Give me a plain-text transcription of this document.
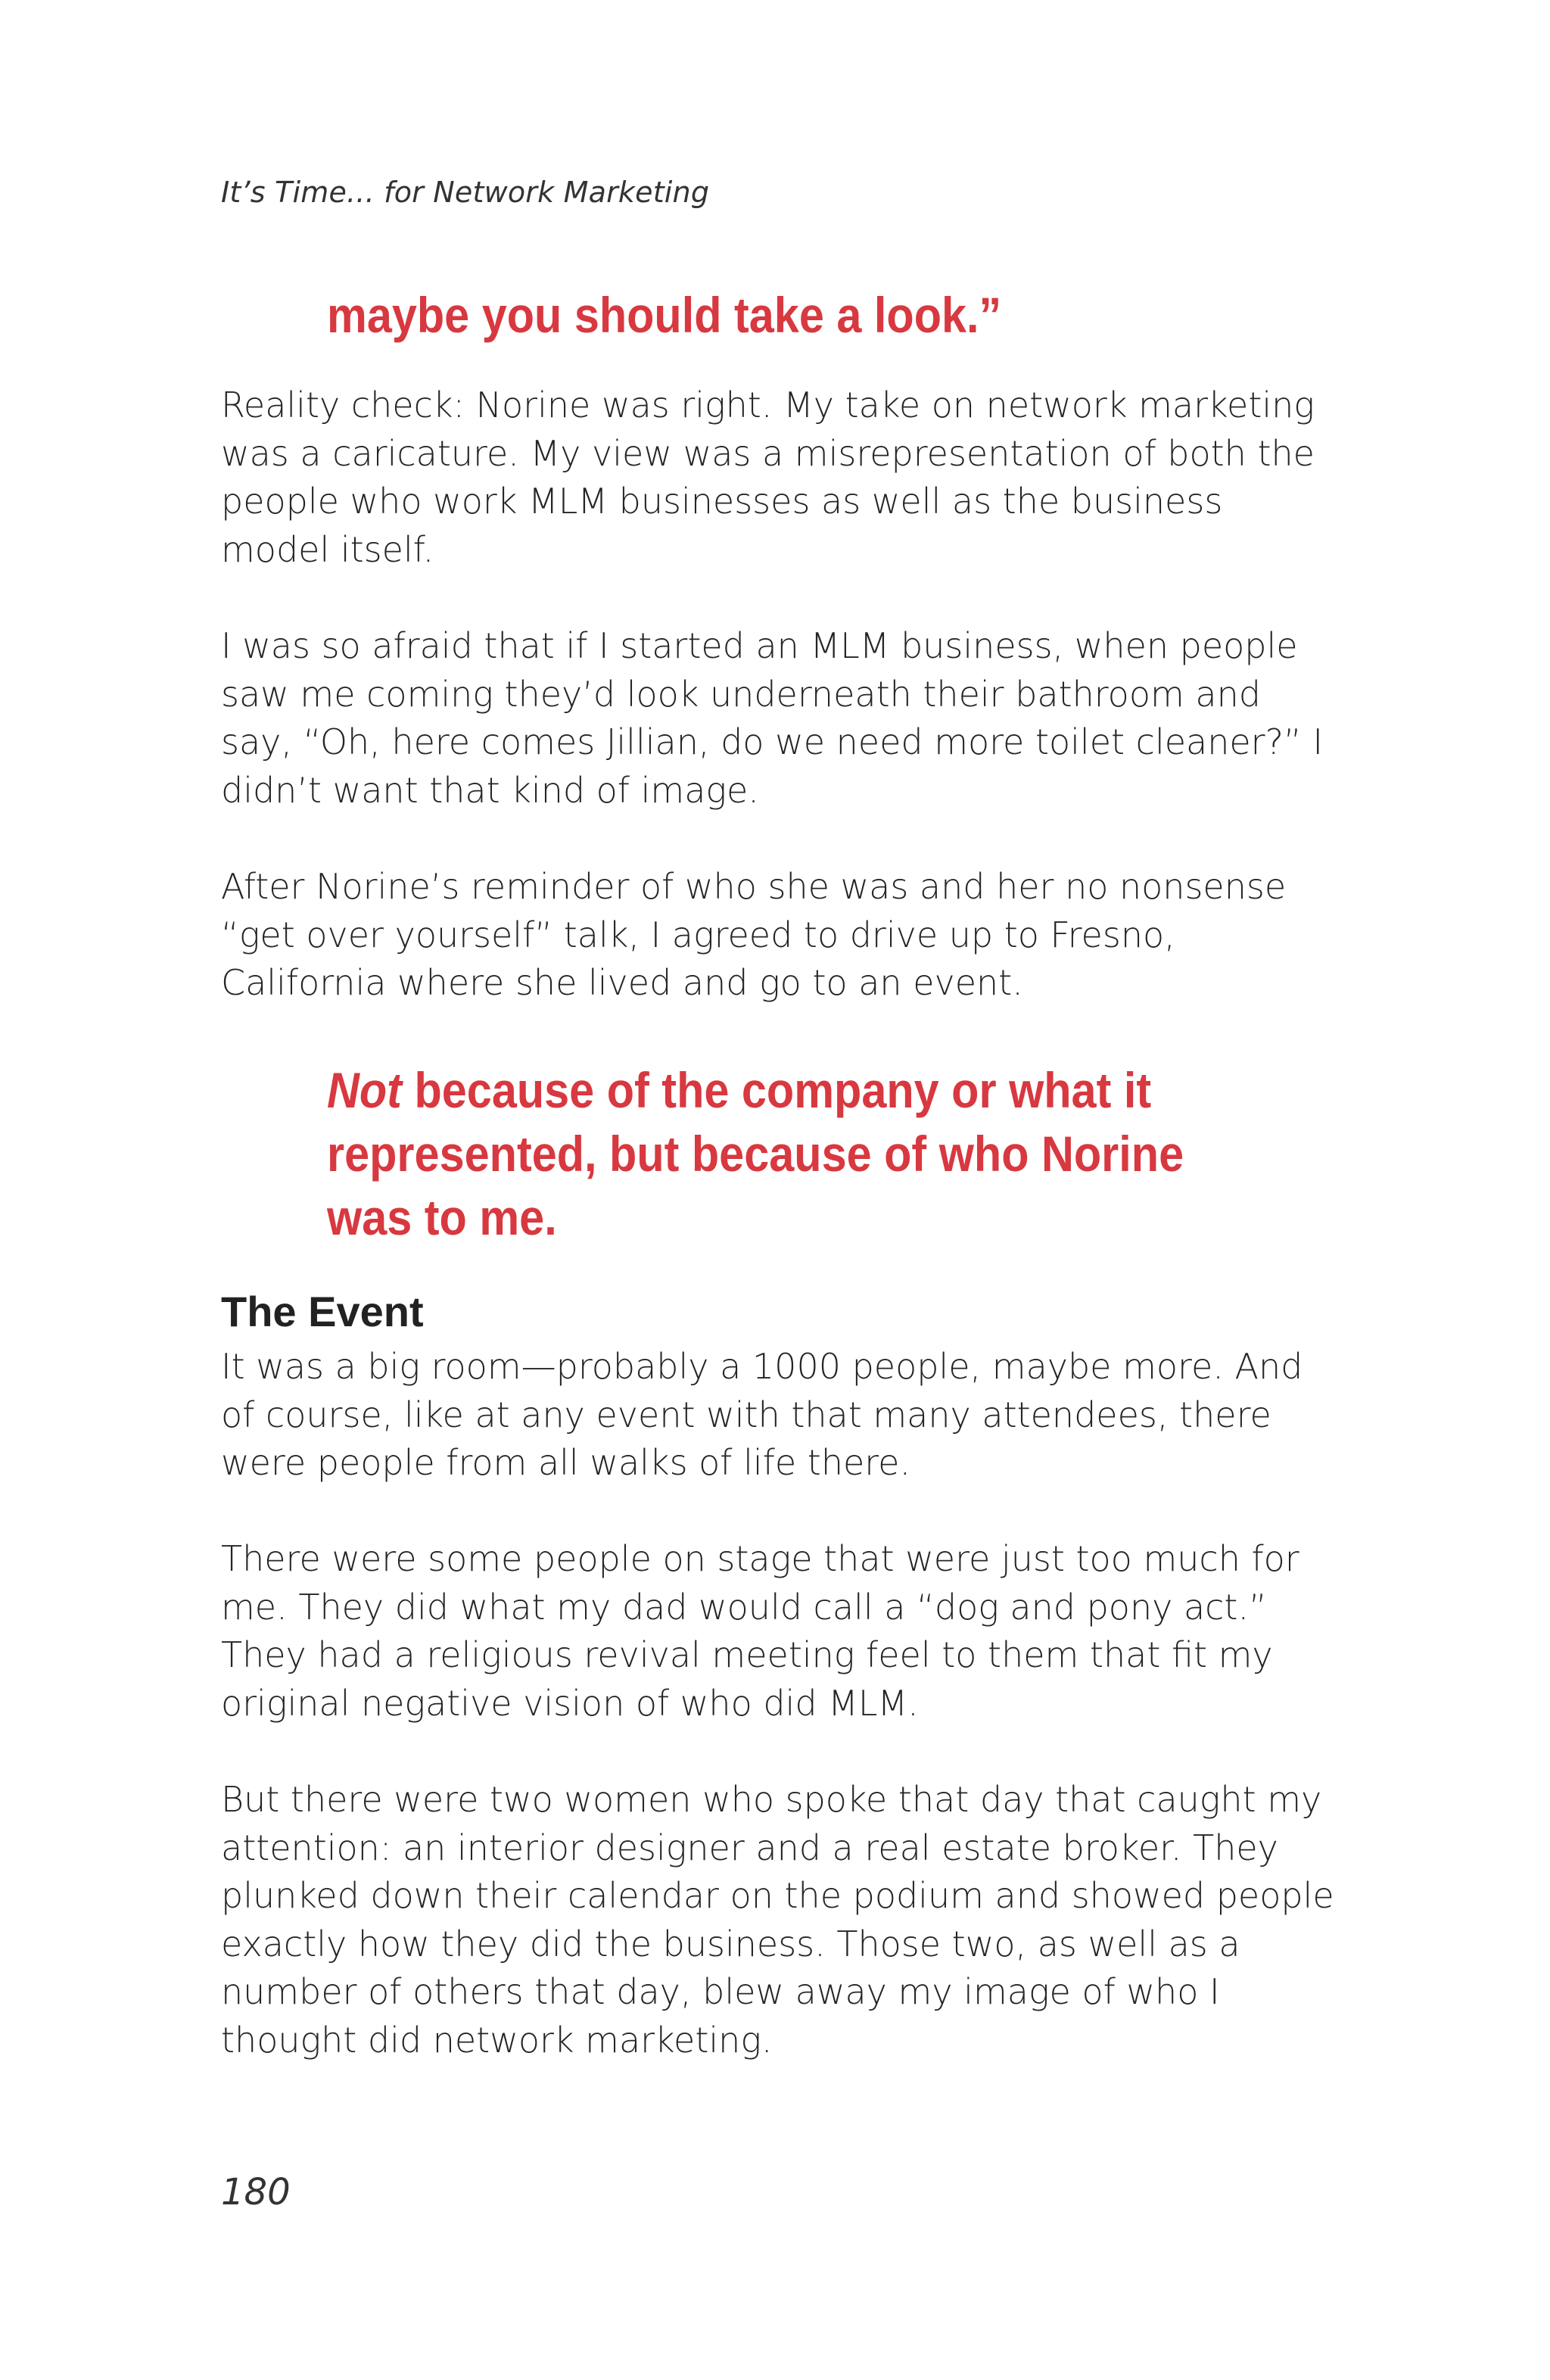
It’s Time... for Network Marketing
maybe you should take a look.”

Reality check: Norine was right. My take on network marketing was a caricature. My view was a misrepresentation of both the people who work MLM businesses as well as the business model itself.

I was so afraid that if I started an MLM business, when people saw me coming they’d look underneath their bathroom and say, “Oh, here comes Jillian, do we need more toilet cleaner?” I didn’t want that kind of image.

After Norine’s reminder of who she was and her no nonsense “get over yourself” talk, I agreed to drive up to Fresno, California where she lived and go to an event.

Not because of the company or what it represented, but because of who Norine was to me.
The Event

It was a big room—probably a 1000 people, maybe more. And of course, like at any event with that many attendees, there were people from all walks of life there.

There were some people on stage that were just too much for me. They did what my dad would call a “dog and pony act.” They had a religious revival meeting feel to them that fit my original negative vision of who did MLM.

But there were two women who spoke that day that caught my attention: an interior designer and a real estate broker. They plunked down their calendar on the podium and showed people exactly how they did the business. Those two, as well as a number of others that day, blew away my image of who I thought did network marketing.

180
